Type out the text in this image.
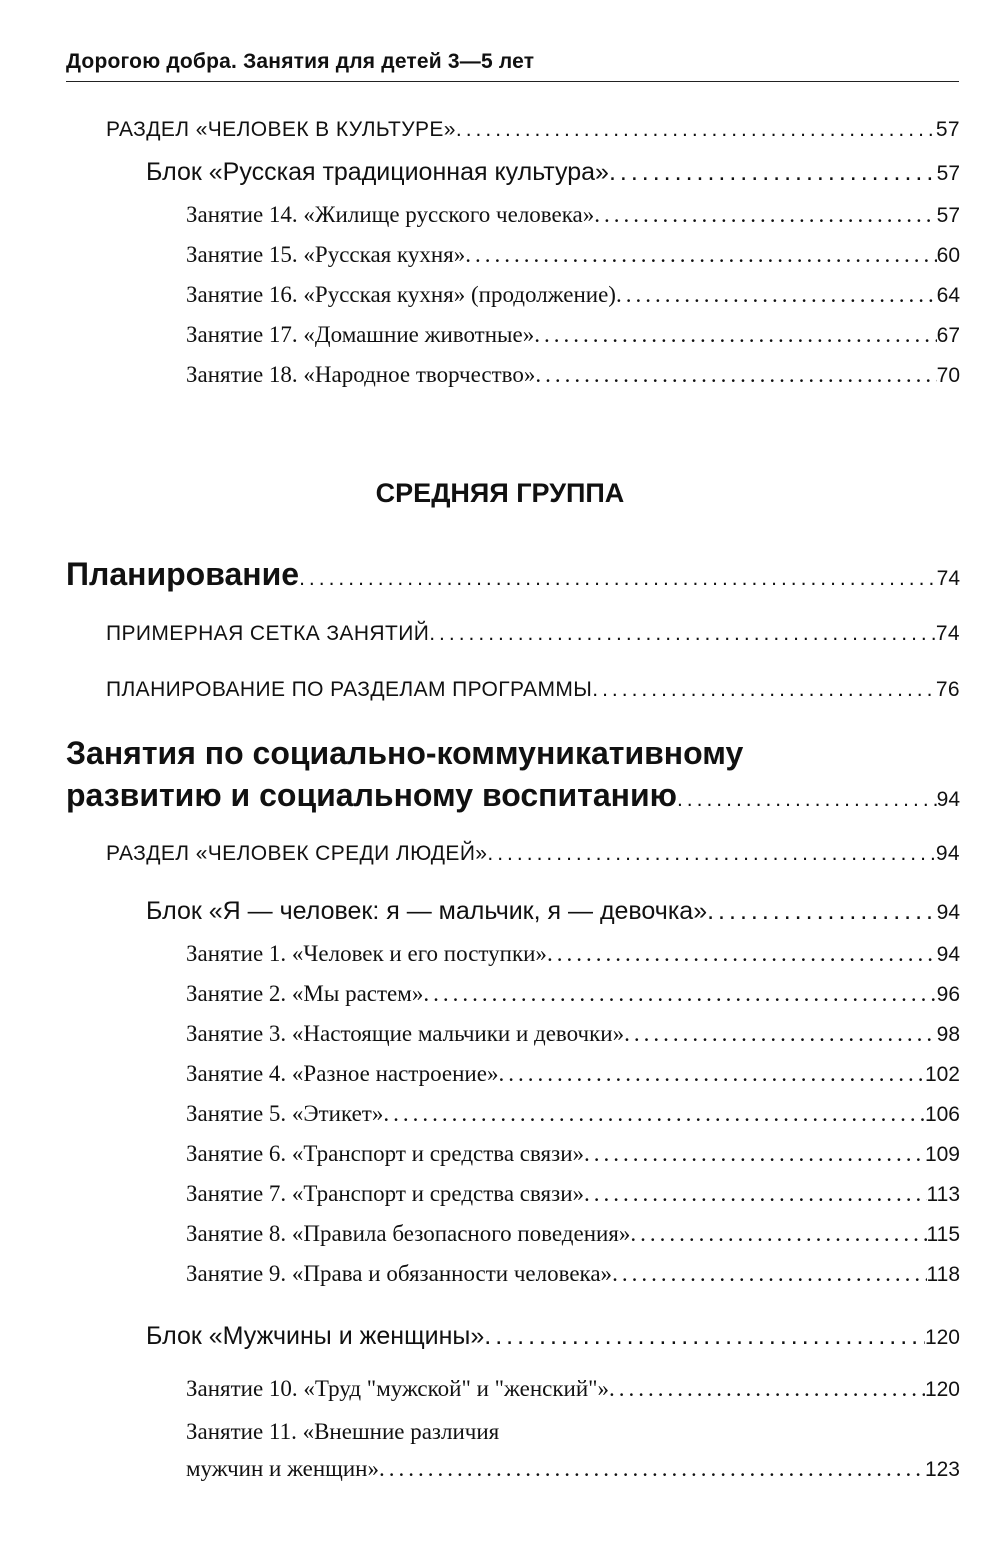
Дорогою добра. Занятия для детей 3—5 лет
РАЗДЕЛ «ЧЕЛОВЕК В КУЛЬТУРЕ» .....	57
Блок «Русская традиционная культура» .....	57
Занятие 14. «Жилище русского человека» .....	57
Занятие 15. «Русская кухня» .....	60
Занятие 16. «Русская кухня» (продолжение) .....	64
Занятие 17. «Домашние животные» .....	67
Занятие 18. «Народное творчество» .....	70
СРЕДНЯЯ ГРУППА
Планирование .....	74
ПРИМЕРНАЯ СЕТКА ЗАНЯТИЙ .....	74
ПЛАНИРОВАНИЕ ПО РАЗДЕЛАМ ПРОГРАММЫ .....	76
Занятия по социально-коммуникативному
развитию и социальному воспитанию .....	94
РАЗДЕЛ «ЧЕЛОВЕК СРЕДИ ЛЮДЕЙ» .....	94
Блок «Я — человек: я — мальчик, я — девочка» .....	94
Занятие 1. «Человек и его поступки» .....	94
Занятие 2. «Мы растем» .....	96
Занятие 3. «Настоящие мальчики и девочки» .....	98
Занятие 4. «Разное настроение» .....	102
Занятие 5. «Этикет» .....	106
Занятие 6. «Транспорт и средства связи» .....	109
Занятие 7. «Транспорт и средства связи» .....	113
Занятие 8. «Правила безопасного поведения» .....	115
Занятие 9. «Права и обязанности человека» .....	118
Блок «Мужчины и женщины» .....	120
Занятие 10. «Труд "мужской" и "женский"» .....	120
Занятие 11. «Внешние различия
мужчин и женщин» .....	123
